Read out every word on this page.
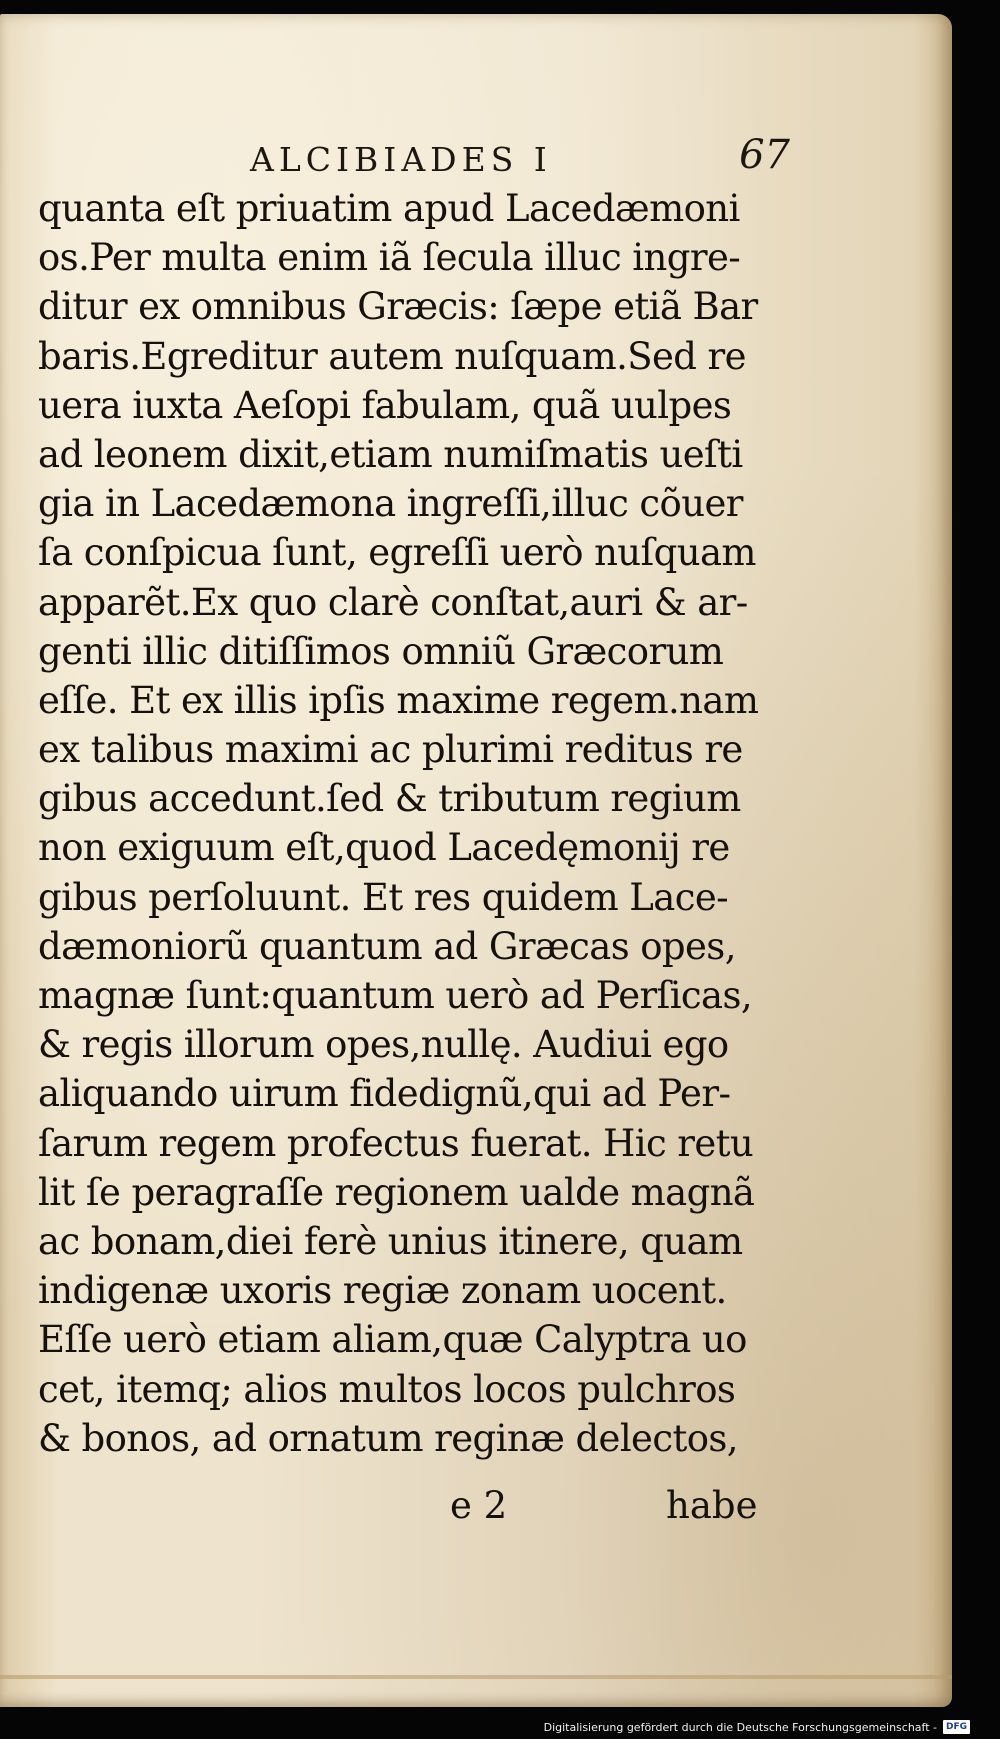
ALCIBIADES I	67
quanta eſt priuatim apud Lacedæmoni
os.Per multa enim iã ſecula illuc ingre-
ditur ex omnibus Græcis: ſæpe etiã Bar
baris.Egreditur autem nuſquam.Sed re
uera iuxta Aeſopi fabulam, quã uulpes
ad leonem dixit,etiam numiſmatis ueſti
gia in Lacedæmona ingreſſi,illuc cõuer
ſa conſpicua ſunt, egreſſi uerò nuſquam
apparẽt.Ex quo clarè conſtat,auri & ar-
genti illic ditiſſimos omniũ Græcorum
eſſe. Et ex illis ipſis maxime regem.nam
ex talibus maximi ac plurimi reditus re
gibus accedunt.ſed & tributum regium
non exiguum eſt,quod Lacedęmonij re
gibus perſoluunt. Et res quidem Lace-
dæmoniorũ quantum ad Græcas opes,
magnæ ſunt:quantum uerò ad Perſicas,
& regis illorum opes,nullę. Audiui ego
aliquando uirum fidedignũ,qui ad Per-
ſarum regem profectus fuerat. Hic retu
lit ſe peragraſſe regionem ualde magnã
ac bonam,diei ferè unius itinere, quam
indigenæ uxoris regiæ zonam uocent.
Eſſe uerò etiam aliam,quæ Calyptra uo
cet, itemq; alios multos locos pulchros
& bonos, ad ornatum reginæ delectos,
e 2	habe
Digitalisierung gefördert durch die Deutsche Forschungsgemeinschaft -	DFG
